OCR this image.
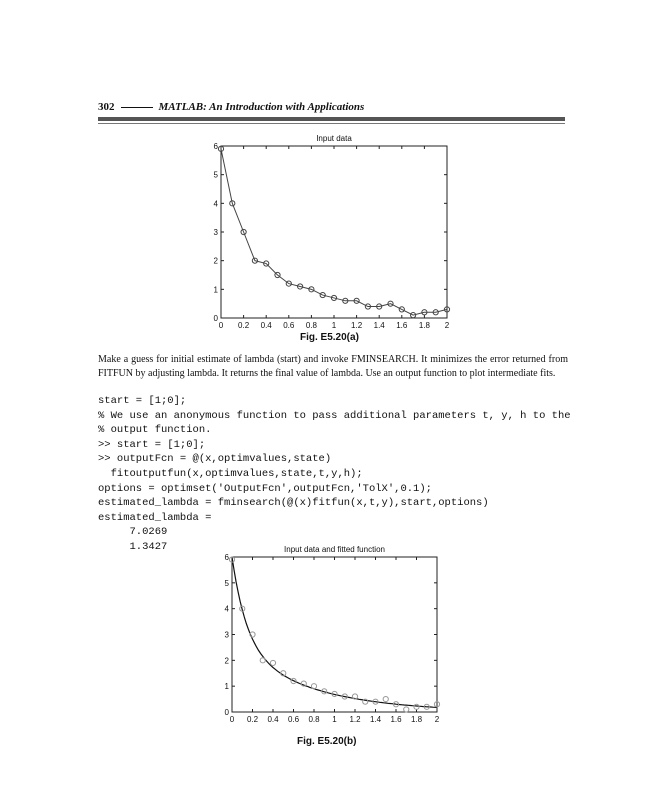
302	MATLAB: An Introduction with Applications
Input data
0 0.2 0.4 0.6 0.8 1 1.2 1.4 1.6 1.8 2
0
1
2
3
4
5
6
Fig. E5.20(a)
Make a guess for initial estimate of lambda (start) and invoke FMINSEARCH. It minimizes the error returned from FITFUN by adjusting lambda. It returns the final value of lambda. Use an output function to plot intermediate fits.
start = [1;0];
% We use an anonymous function to pass additional parameters t, y, h to the
% output function.
>> start = [1;0];
>> outputFcn = @(x,optimvalues,state)
fitoutputfun(x,optimvalues,state,t,y,h);
options = optimset('OutputFcn',outputFcn,'TolX',0.1);
estimated_lambda = fminsearch(@(x)fitfun(x,t,y),start,options)
estimated_lambda =
7.0269
1.3427	Input data and fitted function
0 0.2 0.4 0.6 0.8 1 1.2 1.4 1.6 1.8 2
0
1
2
3
4
5
6
Fig. E5.20(b)
